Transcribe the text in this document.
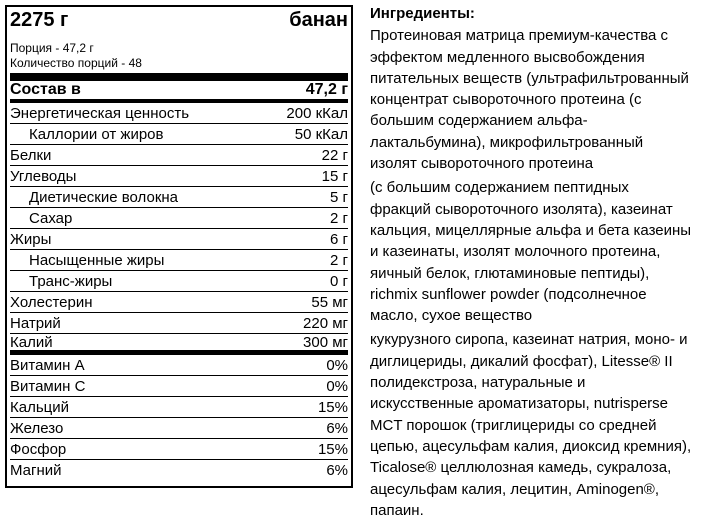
2275 г	банан
Порция - 47,2 г
Количество порций - 48
Состав в	47,2 г
Энергетическая ценность	200 кКал
Каллории от жиров	50 кКал
Белки	22 г
Углеводы	15 г
Диетические волокна	5 г
Сахар	2 г
Жиры	6 г
Насыщенные жиры	2 г
Транс-жиры	0 г
Холестерин	55 мг
Натрий	220 мг
Калий	300 мг
Витамин А	0%
Витамин С	0%
Кальций	15%
Железо	6%
Фосфор	15%
Магний	6%
Ингредиенты:
Протеиновая матрица премиум-качества с
эффектом медленного высвобождения
питательных веществ (ультрафильтрованный
концентрат сывороточного протеина (с
большим содержанием альфа-
лактальбумина), микрофильтрованный
изолят сывороточного протеина
(с большим содержанием пептидных
фракций сывороточного изолята), казеинат
кальция, мицеллярные альфа и бета казеины
и казеинаты, изолят молочного протеина,
яичный белок, глютаминовые пептиды),
richmix sunflower powder (подсолнечное
масло, сухое вещество
кукурузного сиропа, казеинат натрия, моно- и
диглицериды, дикалий фосфат), Litesse® II
полидекстроза, натуральные и
искусственные ароматизаторы, nutrisperse
MCT порошок (триглицериды со средней
цепью, ацесульфам калия, диоксид кремния),
Ticalose® целлюлозная камедь, сукралоза,
ацесульфам калия, лецитин, Aminogen®,
папаин.
